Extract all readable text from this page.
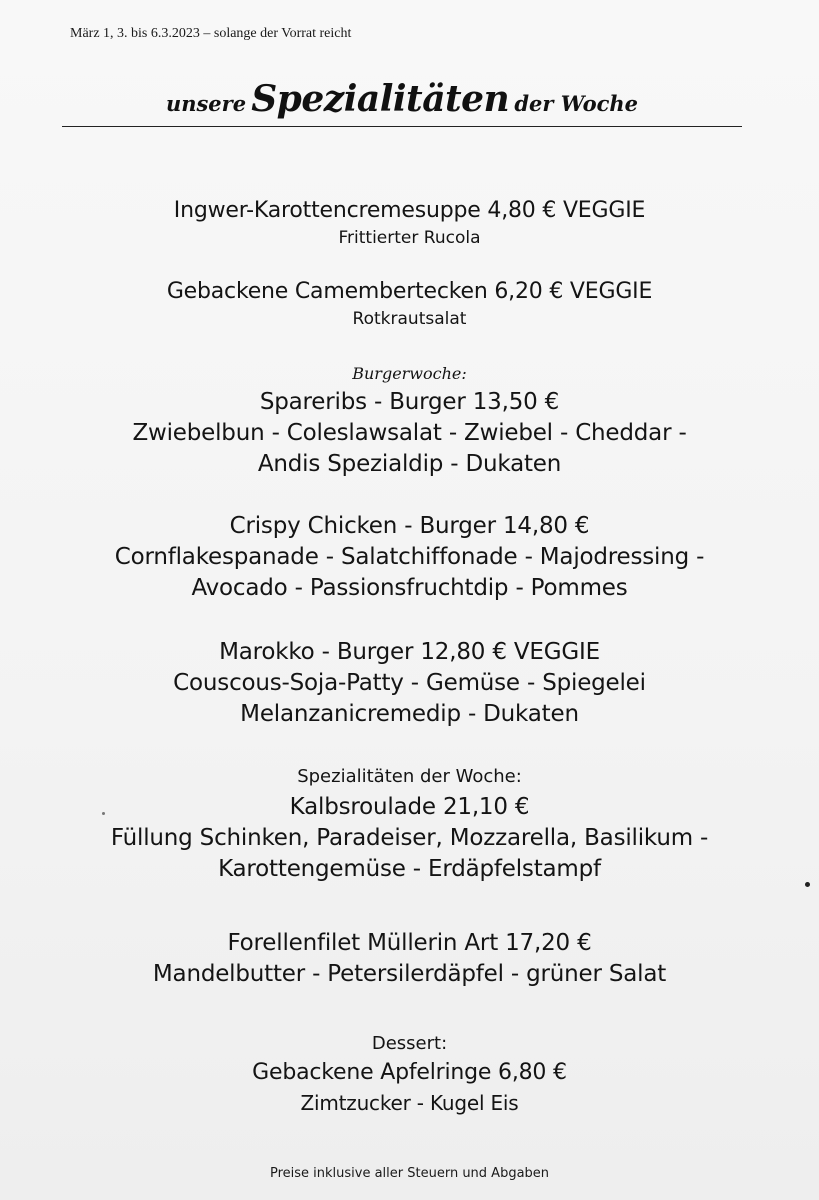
März 1, 3. bis 6.3.2023 – solange der Vorrat reicht
unsere Spezialitäten der Woche
Ingwer-Karottencremesuppe 4,80 € VEGGIE
Frittierter Rucola
Gebackene Camembertecken 6,20 € VEGGIE
Rotkrautsalat
Burgerwoche:
Spareribs - Burger 13,50 €
Zwiebelbun - Coleslawsalat - Zwiebel - Cheddar -
Andis Spezialdip - Dukaten
Crispy Chicken - Burger 14,80 €
Cornflakespanade - Salatchiffonade - Majodressing -
Avocado - Passionsfruchtdip - Pommes
Marokko - Burger 12,80 € VEGGIE
Couscous-Soja-Patty - Gemüse - Spiegelei
Melanzanicremedip - Dukaten
Spezialitäten der Woche:
Kalbsroulade 21,10 €
Füllung Schinken, Paradeiser, Mozzarella, Basilikum -
Karottengemüse - Erdäpfelstampf
Forellenfilet Müllerin Art 17,20 €
Mandelbutter - Petersilerdäpfel - grüner Salat
Dessert:
Gebackene Apfelringe 6,80 €
Zimtzucker - Kugel Eis
Preise inklusive aller Steuern und Abgaben
